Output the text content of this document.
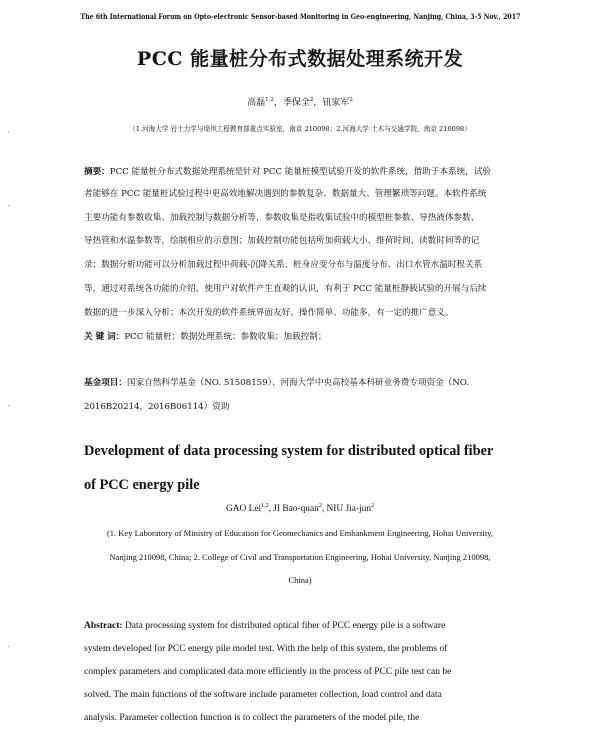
The 6th International Forum on Opto-electronic Sensor-based Monitoring in Geo-engineering, Nanjing, China, 3-5 Nov., 2017
PCC 能量桩分布式数据处理系统开发
高磊$^{1,2}$，季保全$^2$，钮家军$^2$
（1.河海大学 岩土力学与堤坝工程教育部重点实验室，南京 210098；2.河海大学 土木与交通学院，南京 210098）
摘要：PCC 能量桩分布式数据处理系统是针对 PCC 能量桩模型试验开发的软件系统，借助于本系统，试验
者能够在 PCC 能量桩试验过程中更高效地解决遇到的参数复杂、数据量大、管理繁琐等问题。本软件系统
主要功能有参数收集、加载控制与数据分析等，参数收集是指收集试验中的模型桩参数、导热液体参数、
导热管和水温参数等，绘制相应的示意图；加载控制功能包括所加荷载大小、维荷时间、读数时间等的记
录；数据分析功能可以分析加载过程中荷载-沉降关系、桩身应变分布与温度分布、出口水管水温时程关系
等，通过对系统各功能的介绍，使用户对软件产生直观的认识，有利于 PCC 能量桩静载试验的开展与后续
数据的进一步深入分析；本次开发的软件系统界面友好、操作简单、功能多，有一定的推广意义。
关 键 词：PCC 能量桩；数据处理系统；参数收集；加载控制；
基金项目：国家自然科学基金（NO. 51508159）、河海大学中央高校基本科研业务费专项资金（NO.
2016B20214，2016B06114）资助
Development of data processing system for distributed optical fiber
of PCC energy pile
GAO Lei$^{1,2}$, JI Bao-quan$^2$, NIU Jia-jun$^2$
(1. Key Laboratory of Ministry of Education for Geomechanics and Embankment Engineering, Hohai University,
Nanjing 210098, China; 2. College of Civil and Transportation Engineering, Hohai University, Nanjing 210098,
China)
Abstract: Data processing system for distributed optical fiber of PCC energy pile is a software
system developed for PCC energy pile model test. With the help of this system, the problems of
complex parameters and complicated data more efficiently in the process of PCC pile test can be
solved. The main functions of the software include parameter collection, load control and data
analysis. Parameter collection function is to collect the parameters of the model pile, the
